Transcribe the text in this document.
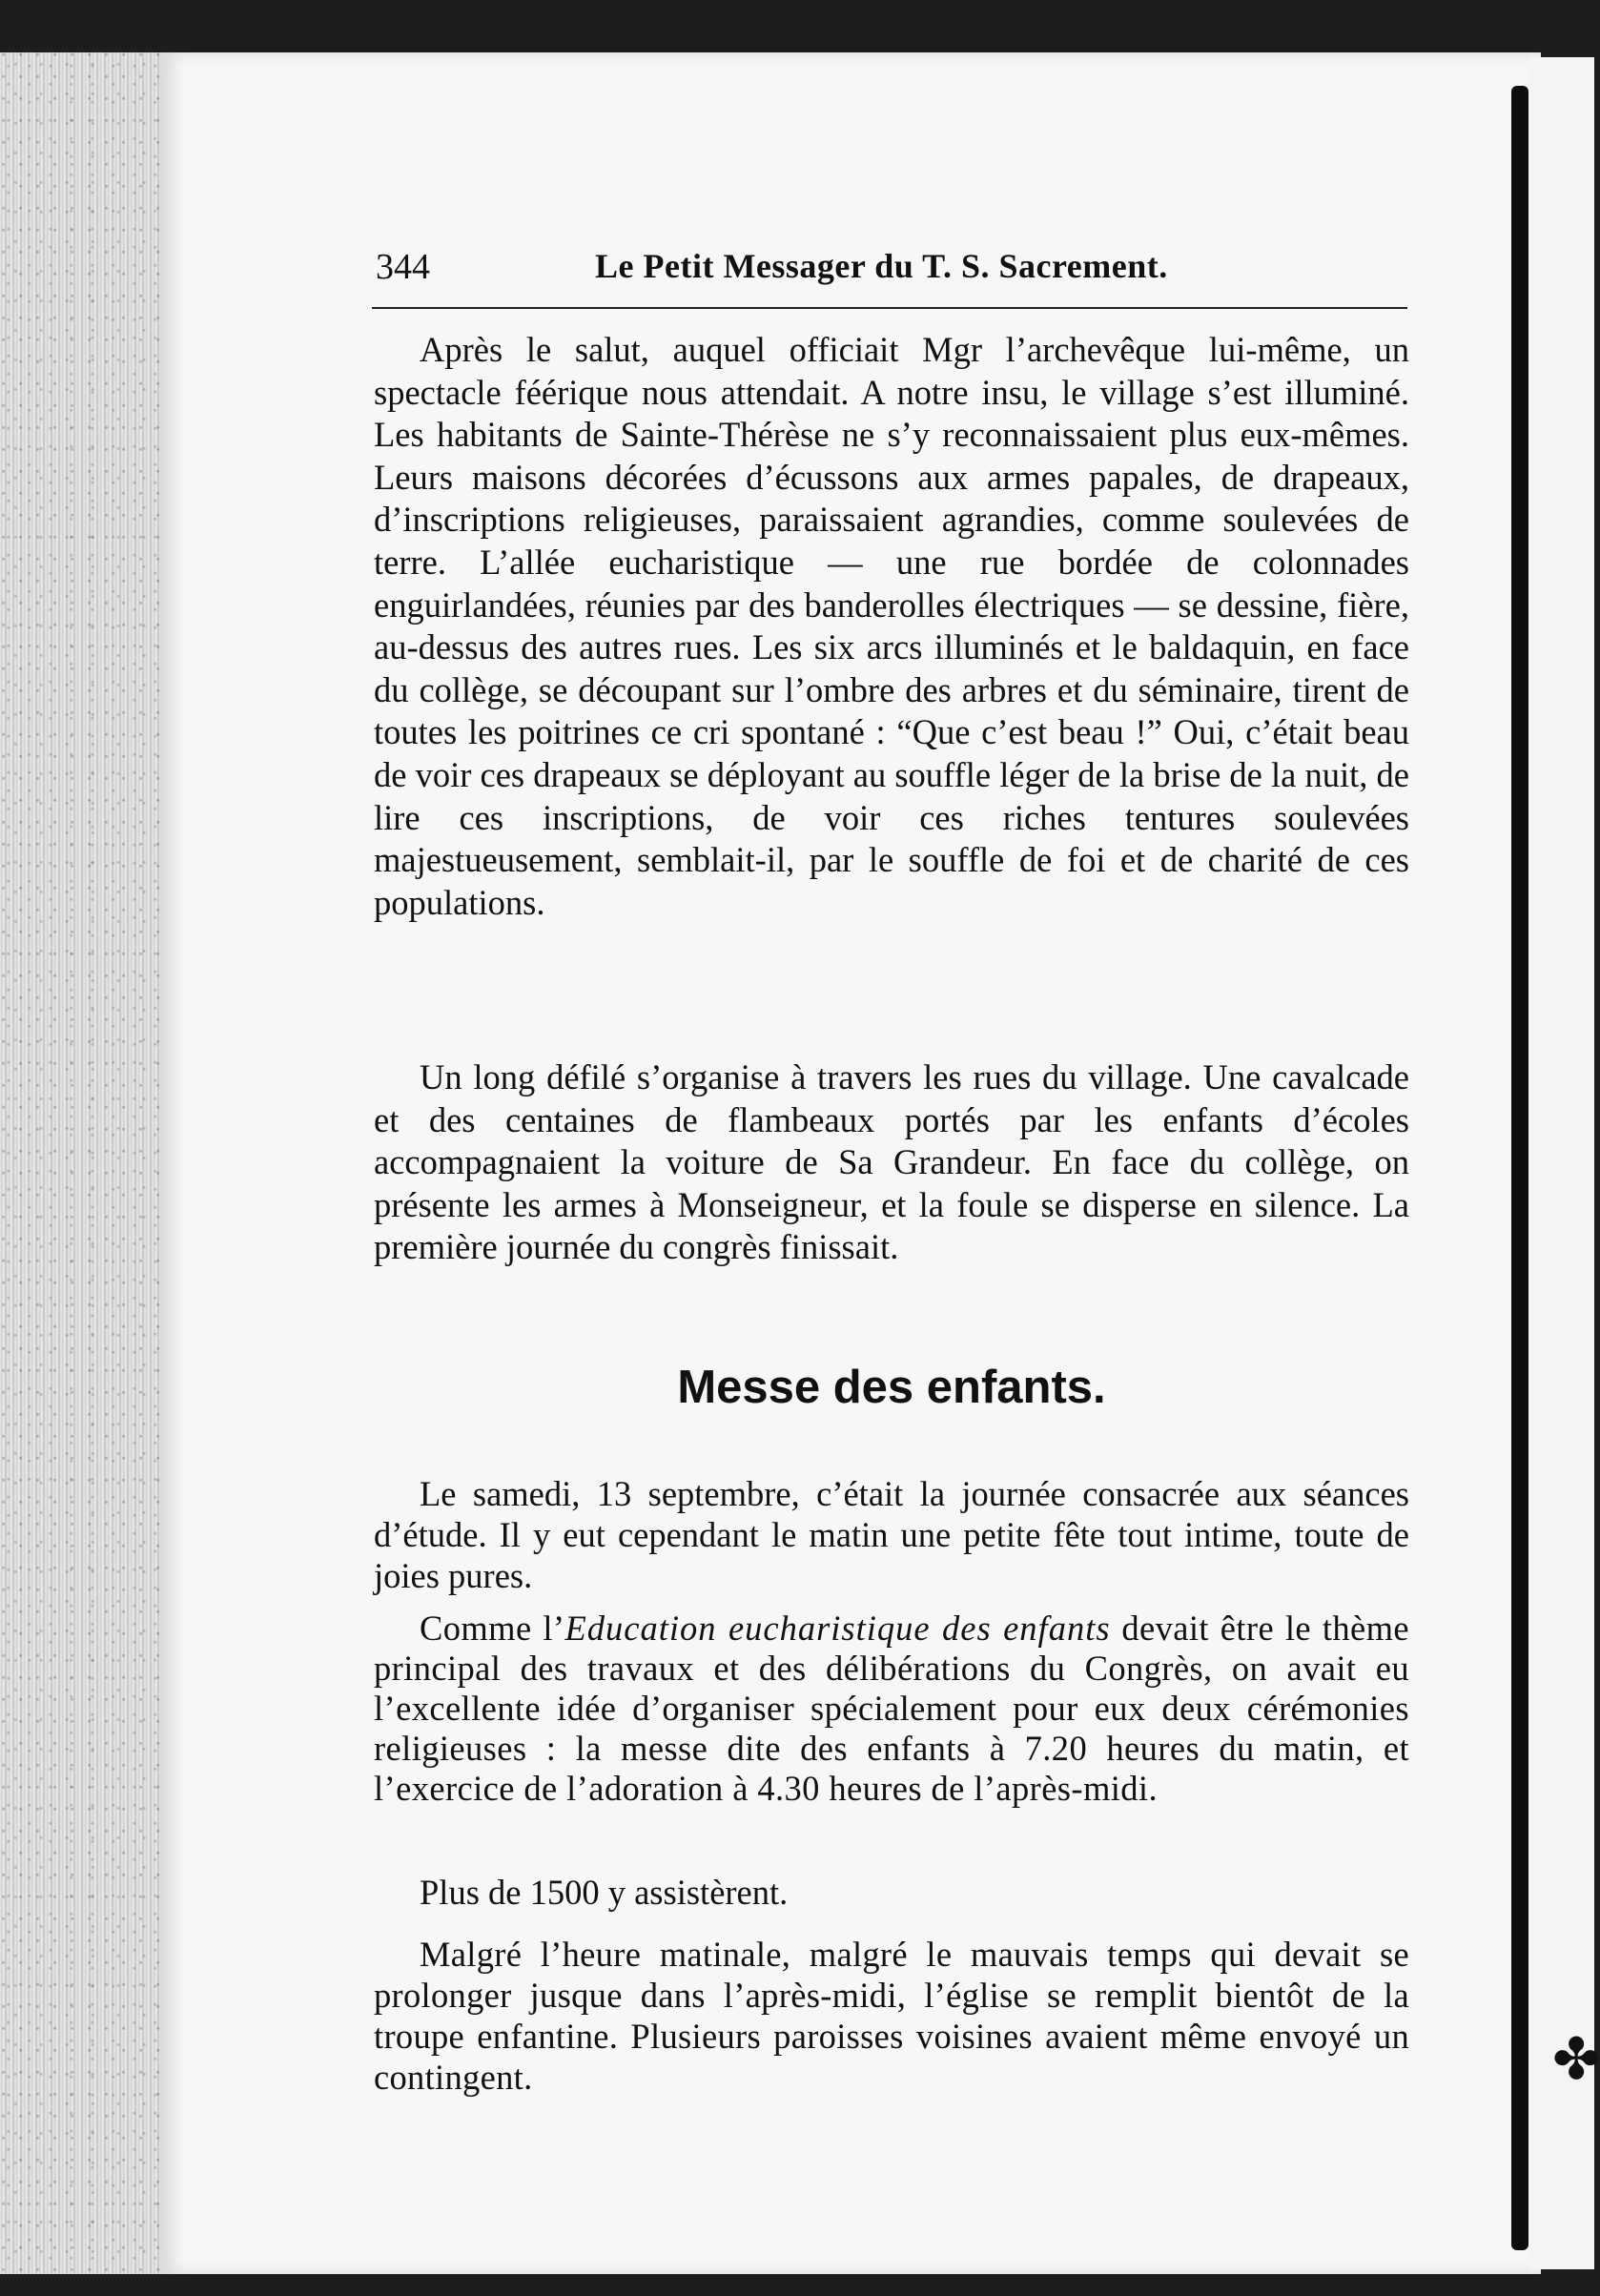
✤
344	Le Petit Messager du T. S. Sacrement.

Après le salut, auquel officiait Mgr l’archevêque lui-même, un spectacle féérique nous attendait. A notre insu, le village s’est illuminé. Les habitants de Sainte-Thérèse ne s’y reconnaissaient plus eux-mêmes. Leurs maisons décorées d’écussons aux armes papales, de drapeaux, d’inscriptions religieuses, paraissaient agrandies, comme soulevées de terre. L’allée eucharistique — une rue bordée de colonnades enguirlandées, réunies par des banderolles électriques — se dessine, fière, au-dessus des autres rues. Les six arcs illuminés et le baldaquin, en face du collège, se découpant sur l’ombre des arbres et du séminaire, tirent de toutes les poitrines ce cri spontané : “Que c’est beau !” Oui, c’était beau de voir ces drapeaux se déployant au souffle léger de la brise de la nuit, de lire ces inscriptions, de voir ces riches tentures soulevées majestueusement, semblait-il, par le souffle de foi et de charité de ces populations.

Un long défilé s’organise à travers les rues du village. Une cavalcade et des centaines de flambeaux portés par les enfants d’écoles accompagnaient la voiture de Sa Grandeur. En face du collège, on présente les armes à Monseigneur, et la foule se disperse en silence. La première journée du congrès finissait.

Messe des enfants.

Le samedi, 13 septembre, c’était la journée consacrée aux séances d’étude. Il y eut cependant le matin une petite fête tout intime, toute de joies pures.

Comme l’Education eucharistique des enfants devait être le thème principal des travaux et des délibérations du Congrès, on avait eu l’excellente idée d’organiser spécialement pour eux deux cérémonies religieuses : la messe dite des enfants à 7.20 heures du matin, et l’exercice de l’adoration à 4.30 heures de l’après-midi.

Plus de 1500 y assistèrent.

Malgré l’heure matinale, malgré le mauvais temps qui devait se prolonger jusque dans l’après-midi, l’église se remplit bientôt de la troupe enfantine. Plusieurs paroisses voisines avaient même envoyé un contingent.
